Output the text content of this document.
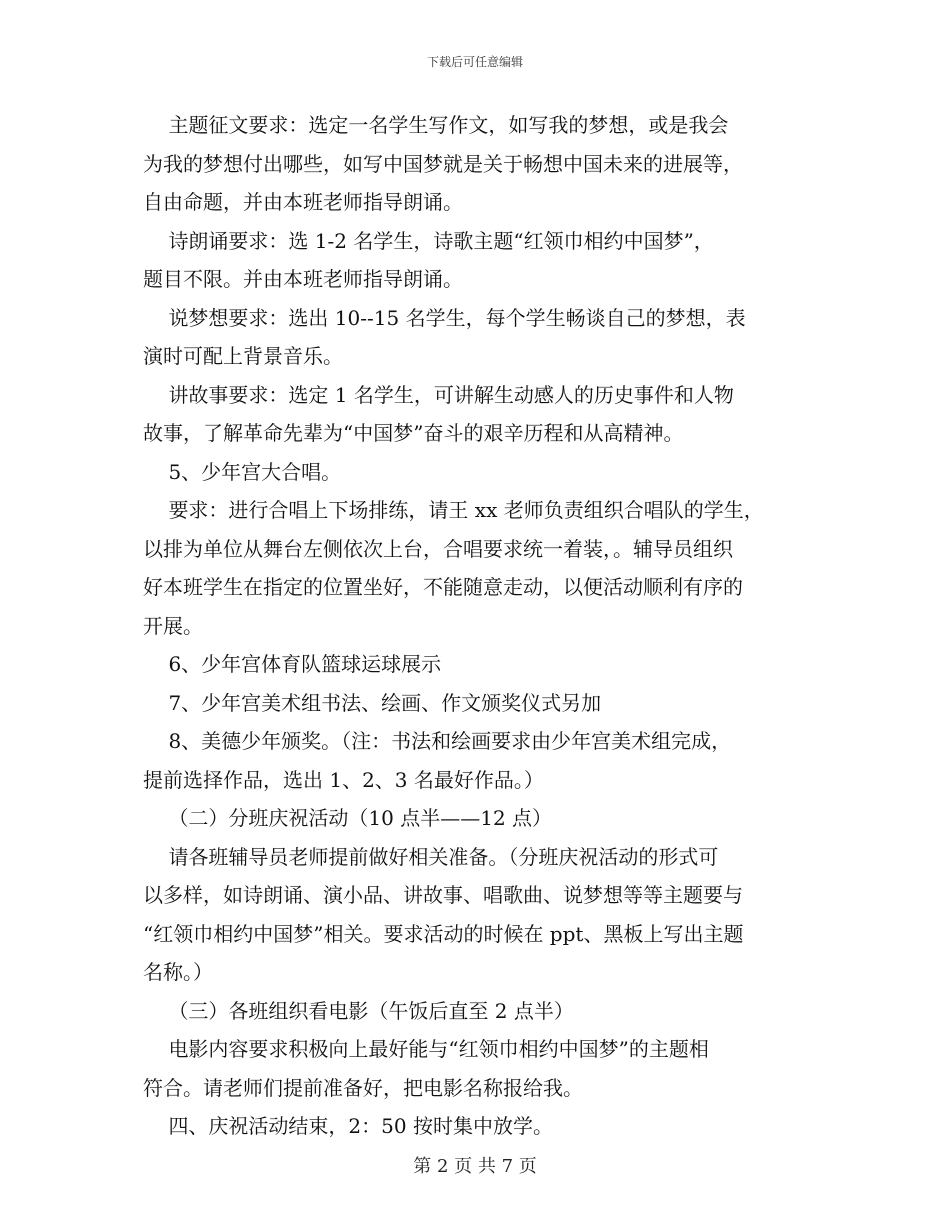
下载后可任意编辑

主题征文要求：选定一名学生写作文，如写我的梦想，或是我会
为我的梦想付出哪些，如写中国梦就是关于畅想中国未来的进展等，
自由命题，并由本班老师指导朗诵。

诗朗诵要求：选 1-2 名学生，诗歌主题“红领巾相约中国梦”，
题目不限。并由本班老师指导朗诵。

说梦想要求：选出 10--15 名学生，每个学生畅谈自己的梦想，表
演时可配上背景音乐。

讲故事要求：选定 1 名学生，可讲解生动感人的历史事件和人物
故事，了解革命先辈为“中国梦”奋斗的艰辛历程和从高精神。

5、少年宫大合唱。

要求：进行合唱上下场排练，请王 xx 老师负责组织合唱队的学生，
以排为单位从舞台左侧依次上台，合唱要求统一着装，。辅导员组织
好本班学生在指定的位置坐好，不能随意走动，以便活动顺利有序的
开展。

6、少年宫体育队篮球运球展示

7、少年宫美术组书法、绘画、作文颁奖仪式另加

8、美德少年颁奖。（注：书法和绘画要求由少年宫美术组完成，
提前选择作品，选出 1、2、3 名最好作品。）

（二）分班庆祝活动（10 点半——12 点）

请各班辅导员老师提前做好相关准备。（分班庆祝活动的形式可
以多样，如诗朗诵、演小品、讲故事、唱歌曲、说梦想等等主题要与
“红领巾相约中国梦”相关。要求活动的时候在 ppt、黑板上写出主题
名称。）

（三）各班组织看电影（午饭后直至 2 点半）

电影内容要求积极向上最好能与“红领巾相约中国梦”的主题相
符合。请老师们提前准备好，把电影名称报给我。

四、庆祝活动结束，2：50 按时集中放学。

第 2 页 共 7 页
